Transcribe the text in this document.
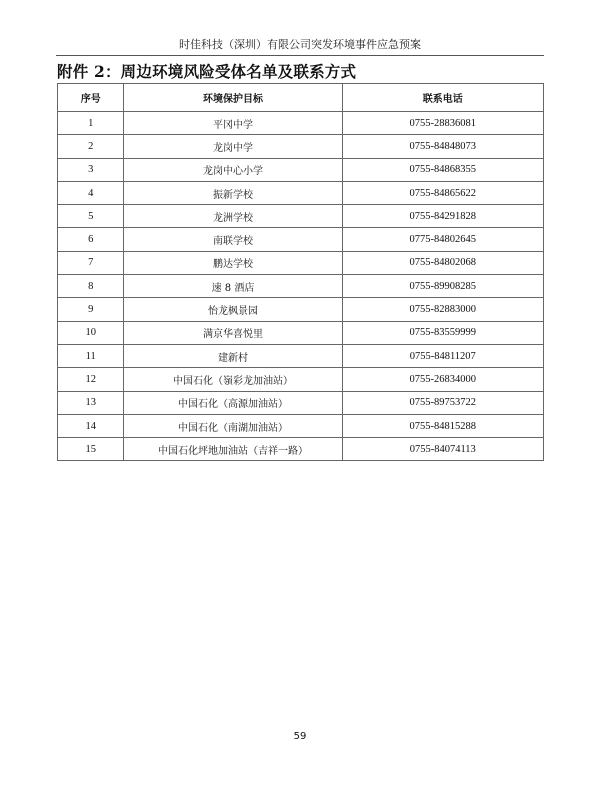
时佳科技（深圳）有限公司突发环境事件应急预案
附件 2：周边环境风险受体名单及联系方式
序号	环境保护目标	联系电话
1	平冈中学	0755-28836081
2	龙岗中学	0755-84848073
3	龙岗中心小学	0755-84868355
4	振新学校	0755-84865622
5	龙洲学校	0755-84291828
6	南联学校	0775-84802645
7	鹏达学校	0755-84802068
8	速 8 酒店	0755-89908285
9	怡龙枫景园	0755-82883000
10	满京华喜悦里	0755-83559999
11	建新村	0755-84811207
12	中国石化（嶺彩龙加油站）	0755-26834000
13	中国石化（高源加油站）	0755-89753722
14	中国石化（南湖加油站）	0755-84815288
15	中国石化坪地加油站（吉祥一路）	0755-84074113
59
